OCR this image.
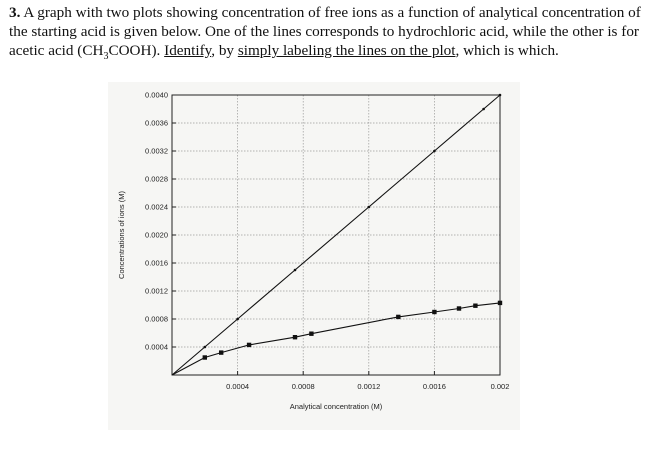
3. A graph with two plots showing concentration of free ions as a function of analytical concentration of the starting acid is given below. One of the lines corresponds to hydrochloric acid, while the other is for acetic acid $(CH_3COOH)$. Identify, by simply labeling the lines on the plot, which is which.

0.0004	0.0008	0.0012	0.0016	0.002
0.0004
0.0008
0.0012
0.0016
0.0020
0.0024
0.0028
0.0032
0.0036
0.0040
Analytical concentration (M)
Concentrations of ions (M)
